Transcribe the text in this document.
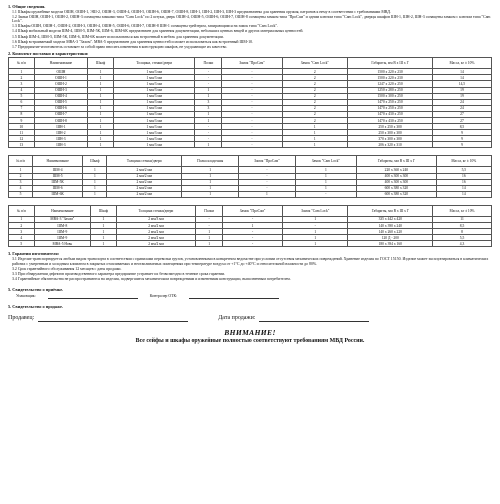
1. Общие сведения.
1.1 Шкафы оружейные модели ОШН, ОШН-1, ЭШ-2, ОШН-3, ОШН-4, ОШН-5, ОШН-6, ОШН-7, ОШН-8, ШН-1, ШН-2, ШН-3, ШН-3 предназначены для хранения оружия, патронов к нему в соответствии с требованиями МВД.
1.2 Замки ОШН, ОШН-1, ОШН-2, ОШН-3 оснащены замками типа "Cam Lock" по 2 штуки, дверь ОШН-4, ОШН-5, ОШН-6, ОШН-7, ОШН-8 оснащены замком типа "ПроСам" и одним ключом типа "Cam Lock", дверцы шкафов ШН-1, ШН-2, ШН-3 оснащены замком с ключом типа "Cam Lock".
1.3 Шкафы ОШН, ОШН-1, ОШН-2, ОШН-3, ОШН-4, ОШН-5, ОШН-6, ОШН-7, ОШН-8 ШН-1 оснащены трейзером, запирающимся на замок типа "Cam Lock".
1.4 Шкаф мобильный модели ШМ-4, ШМ-5, ШМ-5К, ШМ-6, ШМ-6К предназначен для хранения документации, небольших ценных вещей и других материальных ценностей.
1.5 Шкаф ШМ-4, ШМ-5, ШМ-5К, ШМ-6, ШМ-6К может использоваться как встроенный в мебель для хранения документации.
1.6 Шкаф встраиваемый модели МВА-3 "Захом". МВА-5 предназначен для хранения ценностей и может использоваться как встроенный ШМ-10.
1.7 Предприятие-изготовитель оставляет за собой право вносить изменения в конструкцию шкафов, не ухудшающие их качество.
2. Комплект поставки и характеристики:
№ п/п	Наименование	Шкаф	Толщина, стенки/двери	Полки	Замок "ПроСам"	Замок "Cam Lock"	Габариты, мм В х Ш х Г	Масса, кг ± 10%
1	ОШН	1	1 мм/3 мм	-	-	2	1500 х 220 х 230	14
2	ОШН-1	1	1 мм/3 мм	-	-	2	1500 х 220 х 230	14
3	ОШН-2	1	1 мм/3 мм	-	-	2	1247 х 220 х 250	14,5
4	ОШН-3	1	1 мм/3 мм	1	-	2	1250 х 280 х 250	19
5	ОШН-4	1	1 мм/3 мм	1	-	2	1500 х 300 х 250	19
6	ОШН-5	1	1 мм/3 мм	3	-	2	1470 х 250 х 250	24
7	ОШН-6	1	1 мм/3 мм	3	-	2	1470 х 250 х 250	24
8	ОШН-7	1	1 мм/3 мм	1	-	2	1470 х 430 х 250	27
9	ОШН-8	1	1 мм/3 мм	1	-	2	1470 х 430 х 250	27
10	ШН-1	1	1 мм/3 мм	-	-	1	250 х 250 х 300	8,5
11	ШН-2	1	1 мм/3 мм	-	-	1	250 х 300 х 300	9
12	ШН-3	1	1 мм/3 мм	-	-	1	370 х 300 х 300	9
13	ШН-3	1	1 мм/3 мм	1	-	1	206 х 320 х 310	9
№ п/п	Наименование	Шкаф	Толщина стенки/двери	Полка кладочная	Замок "ПроСам"	Замок "Cam Lock"	Габариты, мм В х Ш х Г	Масса, кг ± 10%
1	ШМ-4	1	2 мм/2 мм	1	-	1	220 х 360 х 240	5,5
2	ШМ-5	1	2 мм/2 мм	1	-	1	400 х 300 х 300	16
3	ШМ-5К	1	2 мм/2 мм	1	-	1	400 х 300 х 300	16
4	ШМ-6	1	2 мм/2 мм	1	-	1	600 х 380 х 320	14
5	ШМ-6К	1	2 мм/2 мм	1	1	-	600 х 380 х 320	14
№ п/п	Наименование	Шкаф	Толщина стенки/двери	Полки	Замок "ПроСам"	Замок "Cam Lock"	Габариты, мм В х Ш х Г	Масса, кг ± 10%
1	МВА-3 "Захом"	1	2 мм/3 мм	-	-	1	335 х 442 х 420	11
2	ШМ-8	1	2 мм/2 мм	-	1	-	140 х 390 х 240	8,5
3	ШМ-9	1	2 мм/2 мм	1	-	1	140 х 260 х 220	8
4	ШМ-9	1	2 мм/2 мм	1	-	1	120 Д - 200	5,5
5	МВА-5 Новь	1	2 мм/2 мм	1	-	1	180 х 394 х 160	4,3
3. Гарантии изготовителя:
3.1 Изделие транспортируется любым видом транспорта в соответствии с правилами перевозки грузов, установленными в конкретном ведомстве при условии отсутствия механических повреждений. Хранение изделия по ГОСТ 15150. Изделие может эксплуатироваться в климатических районах с умеренным и холодным климатом в закрытых отапливаемых и неотапливаемых помещениях при температуре воздуха от +1°С до +40°С и относительной влажности до 80%.
3.2 Срок гарантийного обслуживания 12 месяцев с даты продажи.
3.3 При обнаружении дефектов производственного характера предприятие устраняет их безвозмездно в течение срока гарантии.
3.4 Гарантийные обязательства не распространяются на изделия, подвергшиеся механическим повреждениям и изменениям конструкции, выполненным потребителем.
5. Свидетельство о приёмке.
Упаковщик:	Контролер ОТК:
5. Свидетельство о продаже.
Продавец:	Дата продажи:
ВНИМАНИЕ!
Все сейфы и шкафы оружейные полностью соответствуют требованиям МВД России.
